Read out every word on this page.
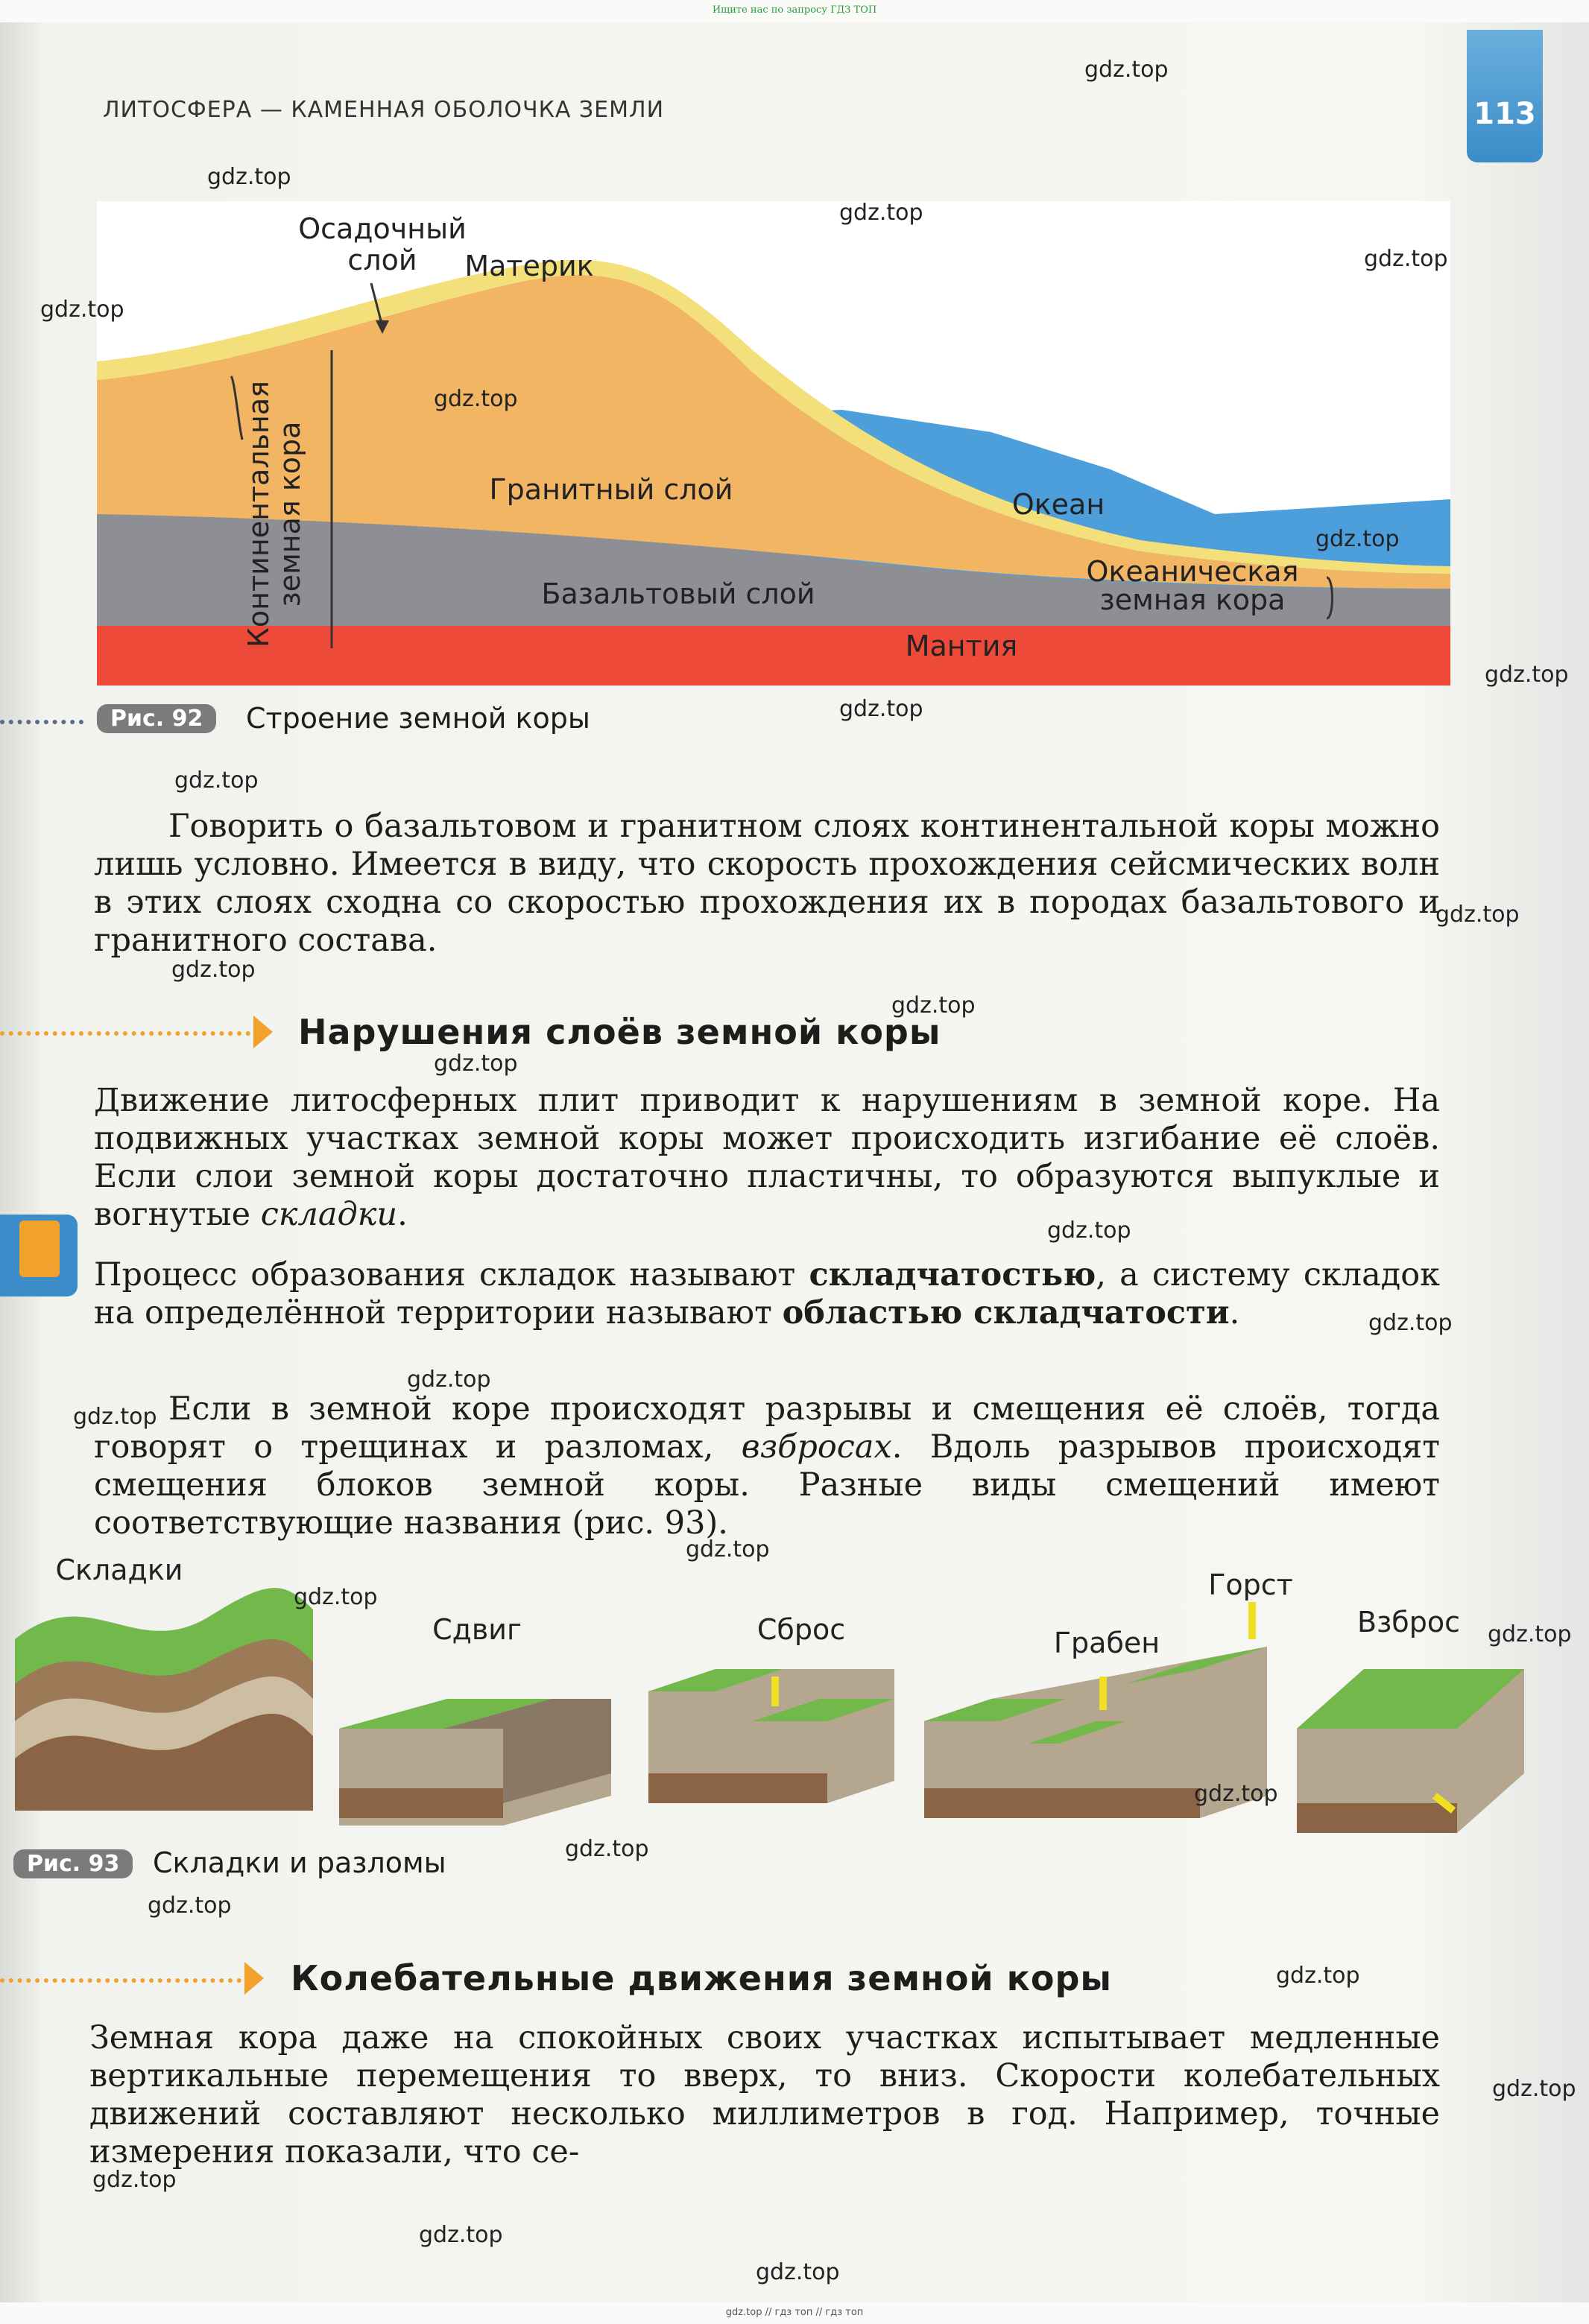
Ищите нас по запросу ГДЗ ТОП
113
ЛИТОСФЕРА — КАМЕННАЯ ОБОЛОЧКА ЗЕМЛИ
Осадочный
слой Материк
Континентальная
земная кора	Гранитный слой	Океан
Океаническая
земная кора
Базальтовый слой
Мантия
Рис. 92	Строение земной коры
Говорить о базальтовом и гранитном слоях континентальной коры можно лишь условно. Имеется в виду, что скорость прохождения сейсмических волн в этих слоях сходна со скоростью прохождения их в породах базальтового и гранитного состава.
Нарушения слоёв земной коры
Движение литосферных плит приводит к нарушениям в земной коре. На подвижных участках земной коры может происходить изгибание её слоёв. Если слои земной коры достаточно пластичны, то образуются выпуклые и вогнутые складки.
Процесс образования складок называют складчатостью, а систему складок на определённой территории называют областью складчатости.
Если в земной коре происходят разрывы и смещения её слоёв, тогда говорят о трещинах и разломах, взбросах. Вдоль разрывов происходят смещения блоков земной коры. Разные виды смещений имеют соответствующие названия (рис. 93).
Складки
Сдвиг	Сброс	Грабен
Горст
Взброс
Рис. 93	Складки и разломы
Колебательные движения земной коры
Земная кора даже на спокойных своих участках испытывает медленные вертикальные перемещения то вверх, то вниз. Скорости колебательных движений составляют несколько миллиметров в год. Например, точные измерения показали, что се-
gdz.top
gdz.top
gdz.top
gdz.top
gdz.top
gdz.top
gdz.top
gdz.top
gdz.top
gdz.top
gdz.top
gdz.top
gdz.top
gdz.top
gdz.top
gdz.top
gdz.top
gdz.top
gdz.top
gdz.top
gdz.top
gdz.top
gdz.top
gdz.top
gdz.top
gdz.top
gdz.top
gdz.top
gdz.top
gdz.top // гдз топ // гдз топ
